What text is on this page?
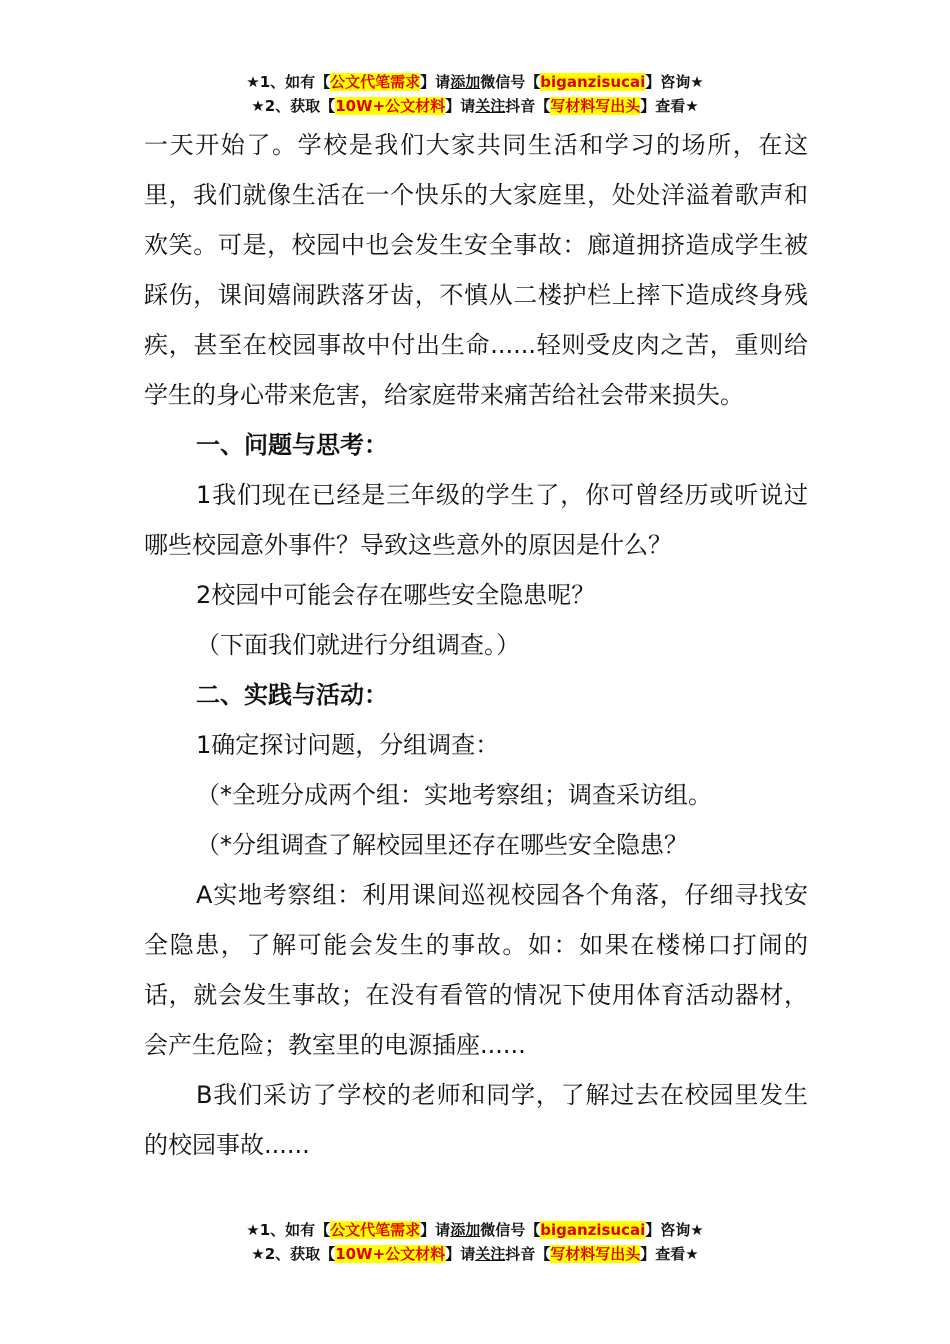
★1、如有【公文代笔需求】请添加微信号【biganzisucai】咨询★
★2、获取【10W+公文材料】请关注抖音【写材料写出头】查看★

一天开始了。学校是我们大家共同生活和学习的场所，在这里，我们就像生活在一个快乐的大家庭里，处处洋溢着歌声和欢笑。可是，校园中也会发生安全事故：廊道拥挤造成学生被踩伤，课间嬉闹跌落牙齿，不慎从二楼护栏上摔下造成终身残疾，甚至在校园事故中付出生命......轻则受皮肉之苦，重则给学生的身心带来危害，给家庭带来痛苦给社会带来损失。

一、问题与思考：

1我们现在已经是三年级的学生了，你可曾经历或听说过哪些校园意外事件？导致这些意外的原因是什么？

2校园中可能会存在哪些安全隐患呢？

（下面我们就进行分组调查。）

二、实践与活动：

1确定探讨问题，分组调查：

（*全班分成两个组：实地考察组；调查采访组。

（*分组调查了解校园里还存在哪些安全隐患？

A实地考察组：利用课间巡视校园各个角落，仔细寻找安全隐患，了解可能会发生的事故。如：如果在楼梯口打闹的话，就会发生事故；在没有看管的情况下使用体育活动器材，会产生危险；教室里的电源插座......

B我们采访了学校的老师和同学，了解过去在校园里发生的校园事故......

★1、如有【公文代笔需求】请添加微信号【biganzisucai】咨询★
★2、获取【10W+公文材料】请关注抖音【写材料写出头】查看★
